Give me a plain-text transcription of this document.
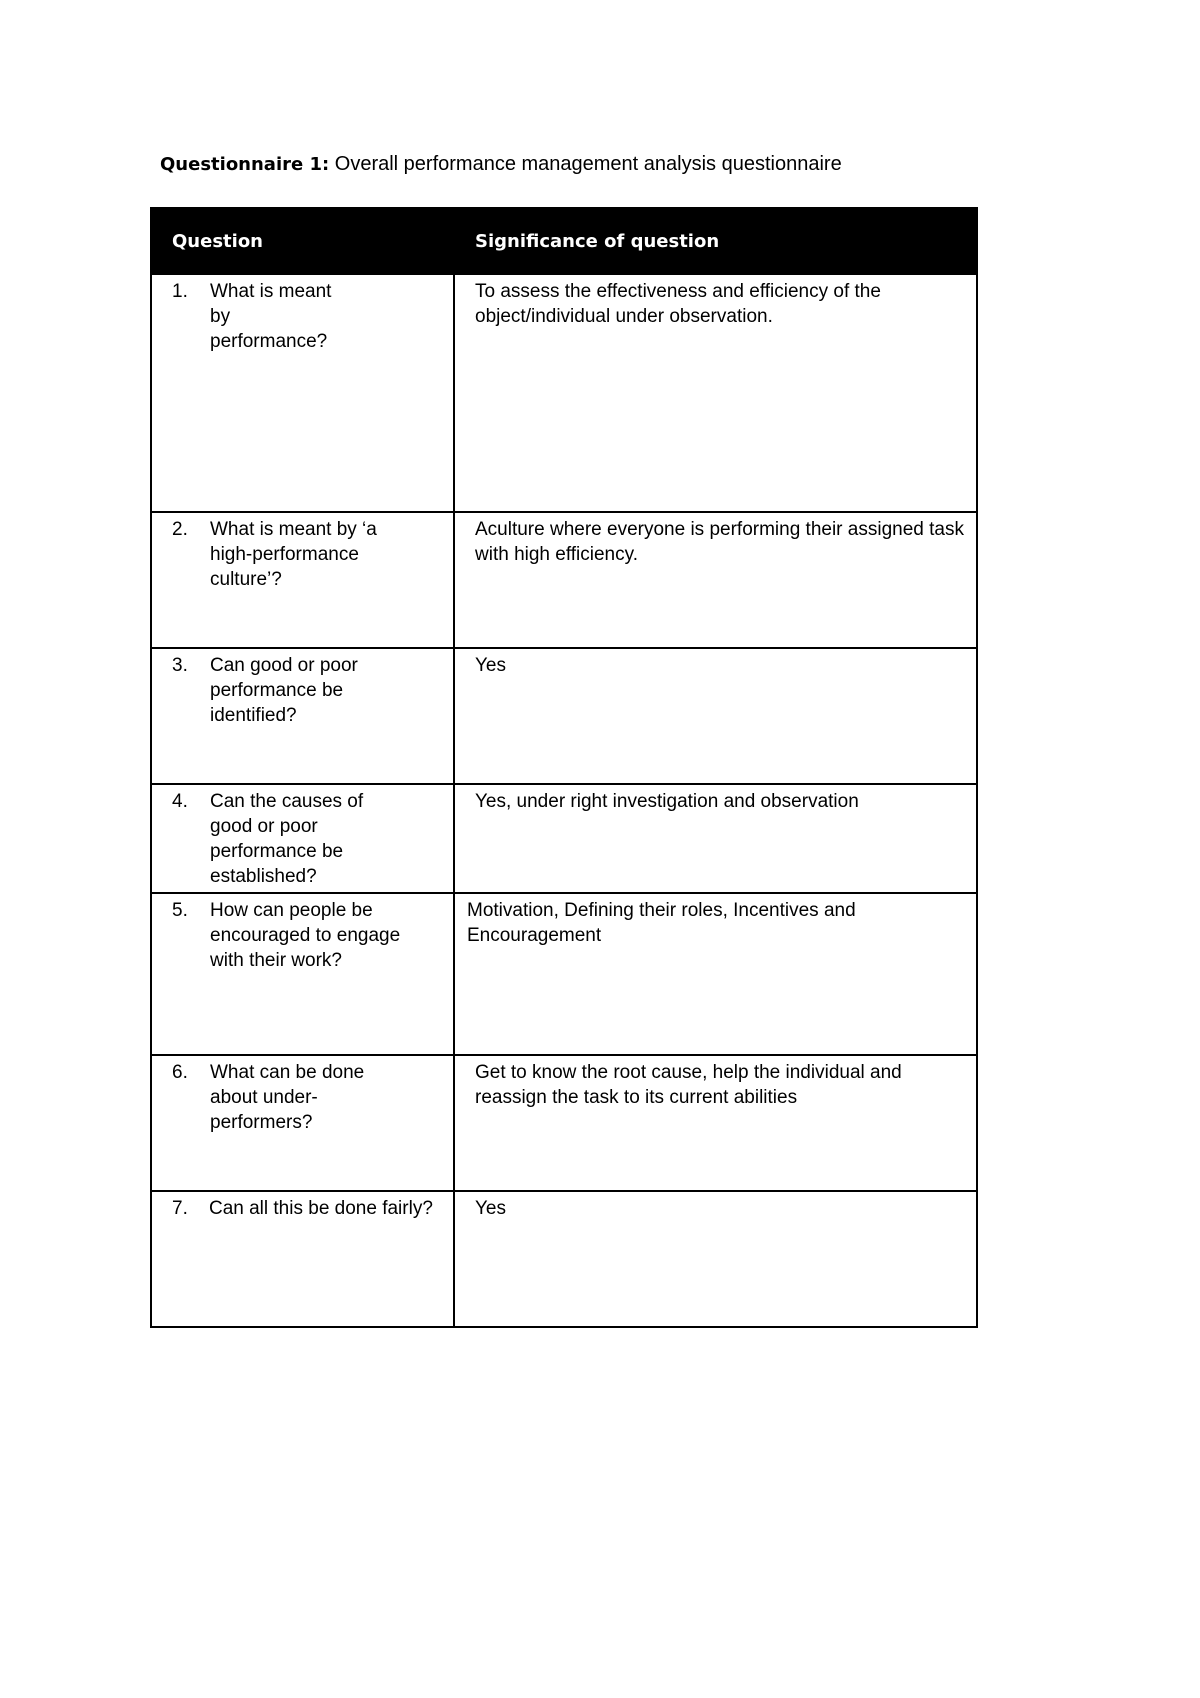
Questionnaire 1: Overall performance management analysis questionnaire
Question	Significance of question

1. What is meant
by
performance?	To assess the effectiveness and efficiency of the object/individual under observation.

2. What is meant by ‘a
high-performance
culture’?	Aculture where everyone is performing their assigned task with high efficiency.

3. Can good or poor
performance be
identified?	Yes

4. Can the causes of
good or poor
performance be
established?	Yes, under right investigation and observation

5. How can people be
encouraged to engage
with their work?	Motivation, Defining their roles, Incentives and Encouragement

6. What can be done
about under-
performers?	Get to know the root cause, help the individual and reassign the task to its current abilities
7. Can all this be done fairly?	Yes
